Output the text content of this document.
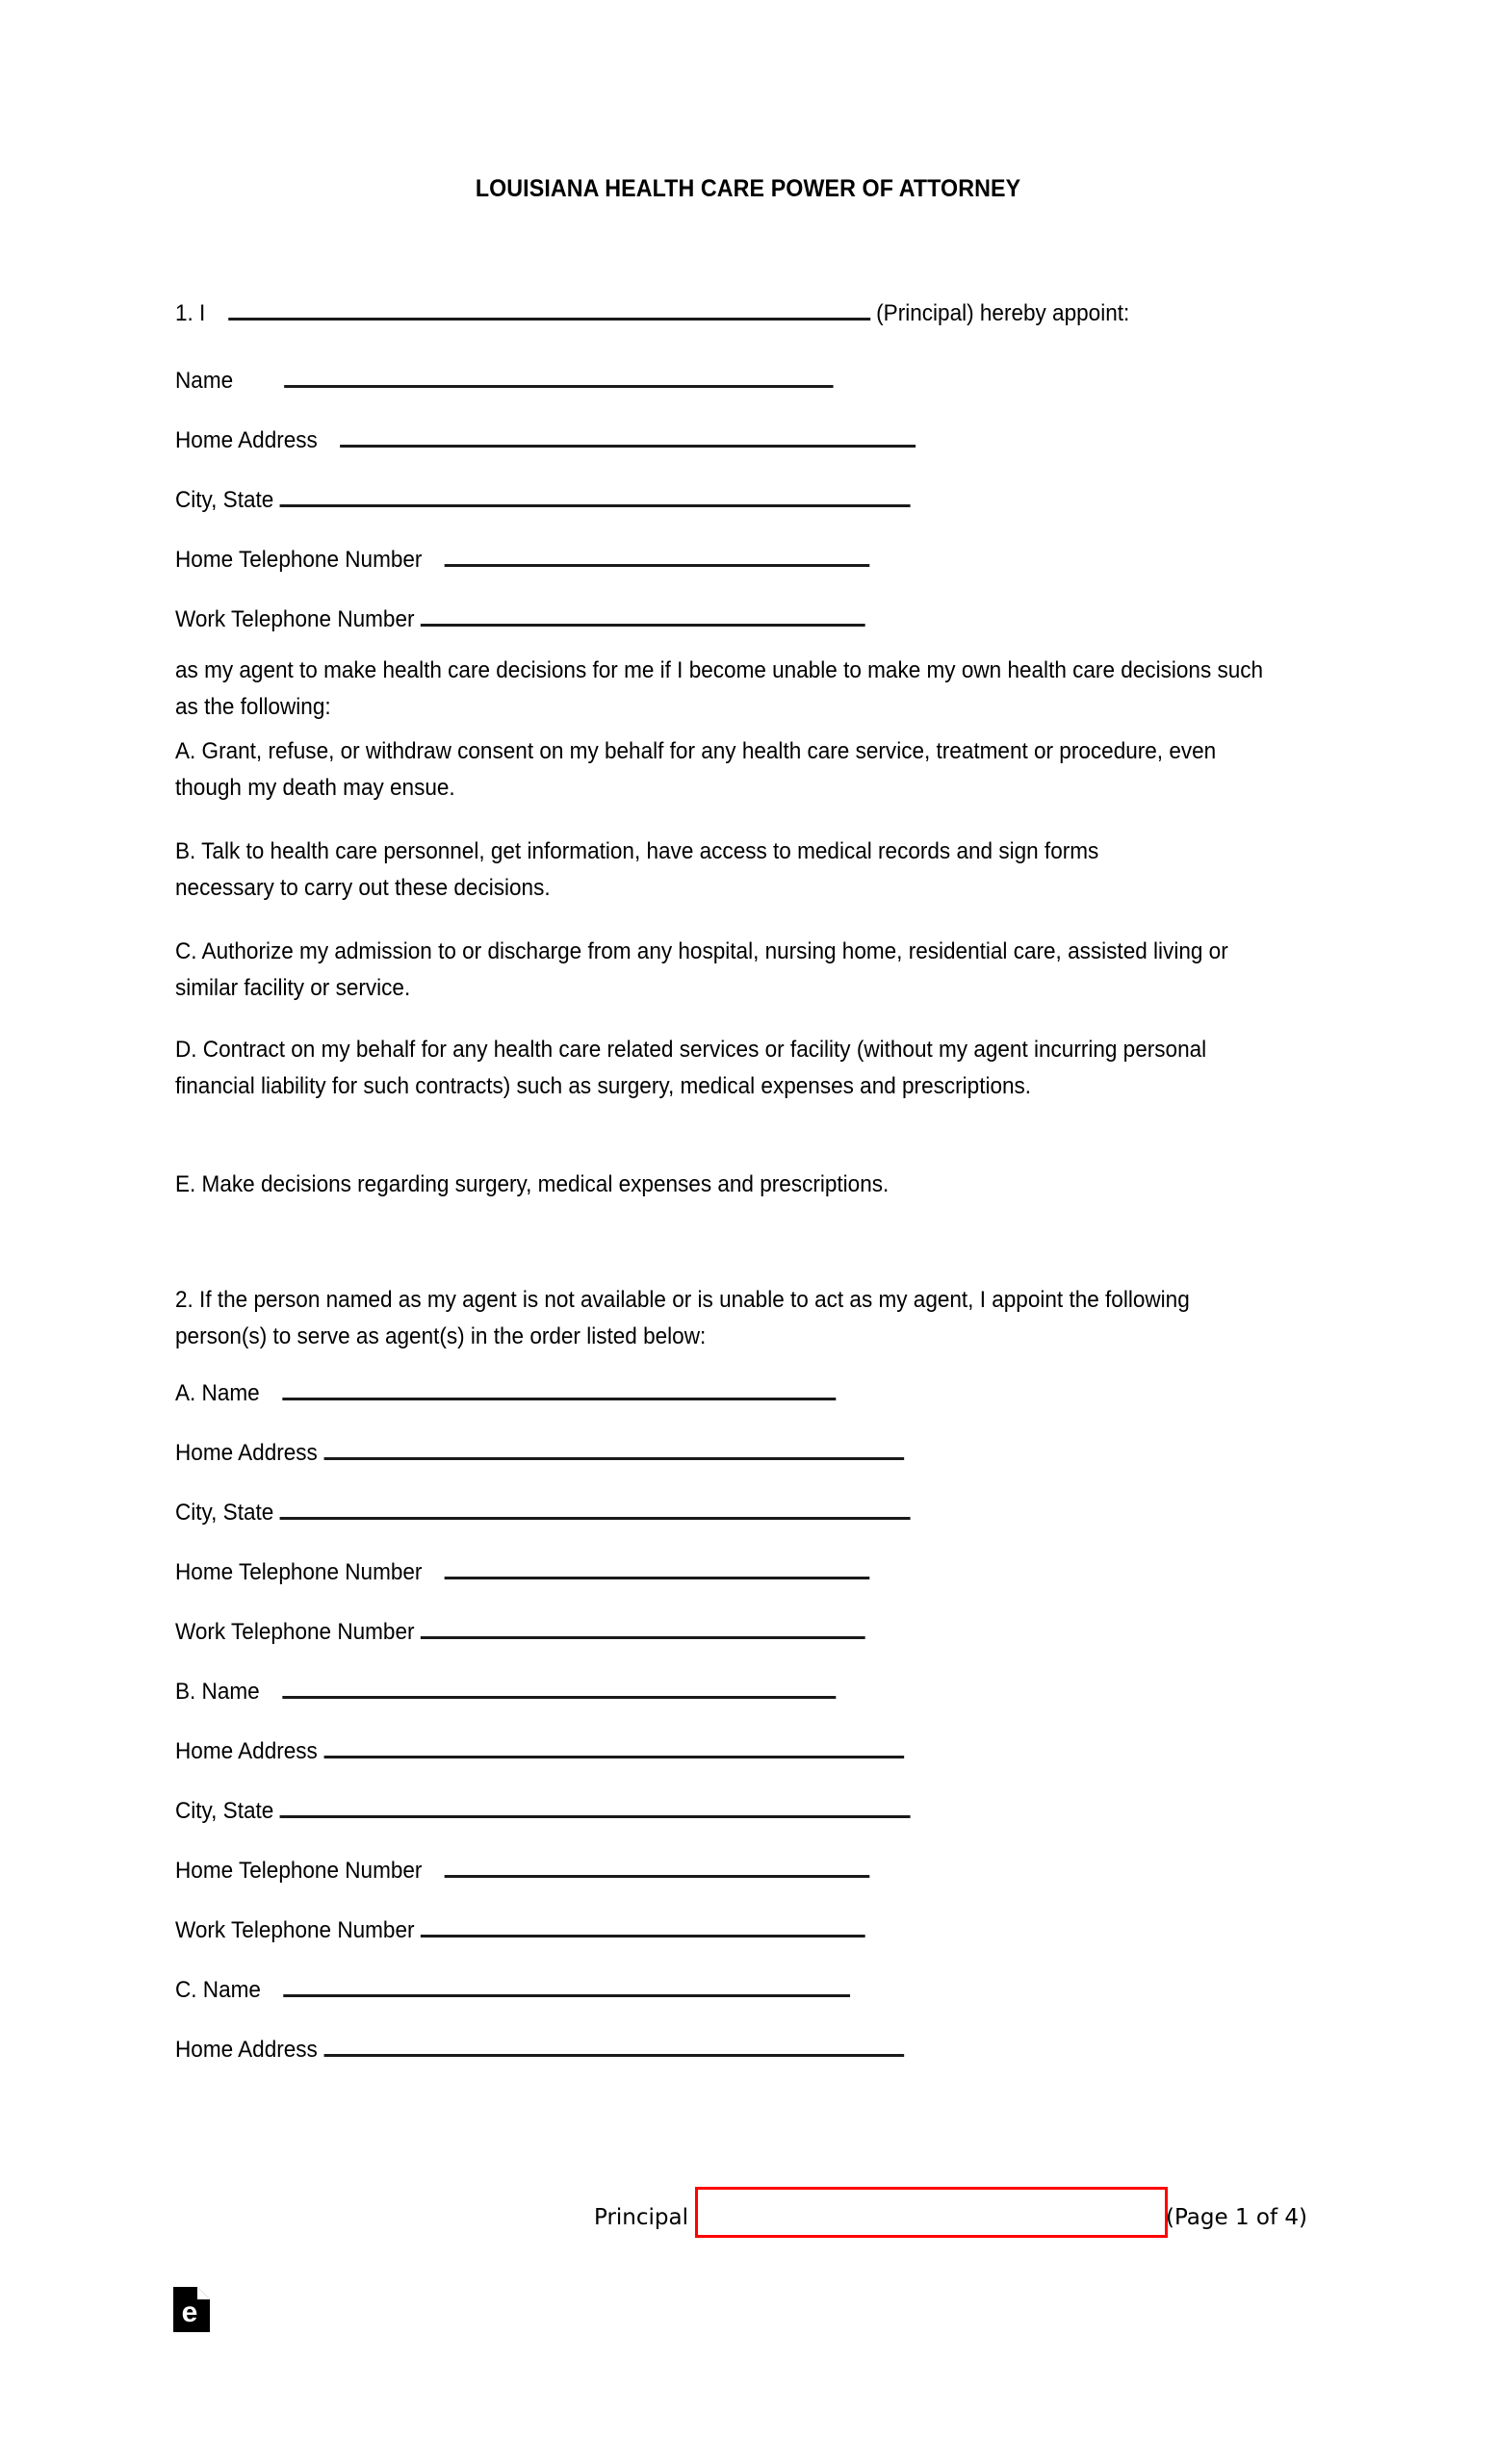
LOUISIANA HEALTH CARE POWER OF ATTORNEY
1. I	(Principal) hereby appoint:
Name
Home Address
City, State
Home Telephone Number
Work Telephone Number
as my agent to make health care decisions for me if I become unable to make my own health care decisions such as the following:
A. Grant, refuse, or withdraw consent on my behalf for any health care service, treatment or procedure, even though my death may ensue.
B. Talk to health care personnel, get information, have access to medical records and sign forms necessary to carry out these decisions.
C. Authorize my admission to or discharge from any hospital, nursing home, residential care, assisted living or similar facility or service.
D. Contract on my behalf for any health care related services or facility (without my agent incurring personal financial liability for such contracts) such as surgery, medical expenses and prescriptions.
E. Make decisions regarding surgery, medical expenses and prescriptions.
2. If the person named as my agent is not available or is unable to act as my agent, I appoint the following person(s) to serve as agent(s) in the order listed below:
A. Name
Home Address
City, State
Home Telephone Number
Work Telephone Number
B. Name
Home Address
City, State
Home Telephone Number
Work Telephone Number
C. Name
Home Address
Principal	(Page 1 of 4)
e
